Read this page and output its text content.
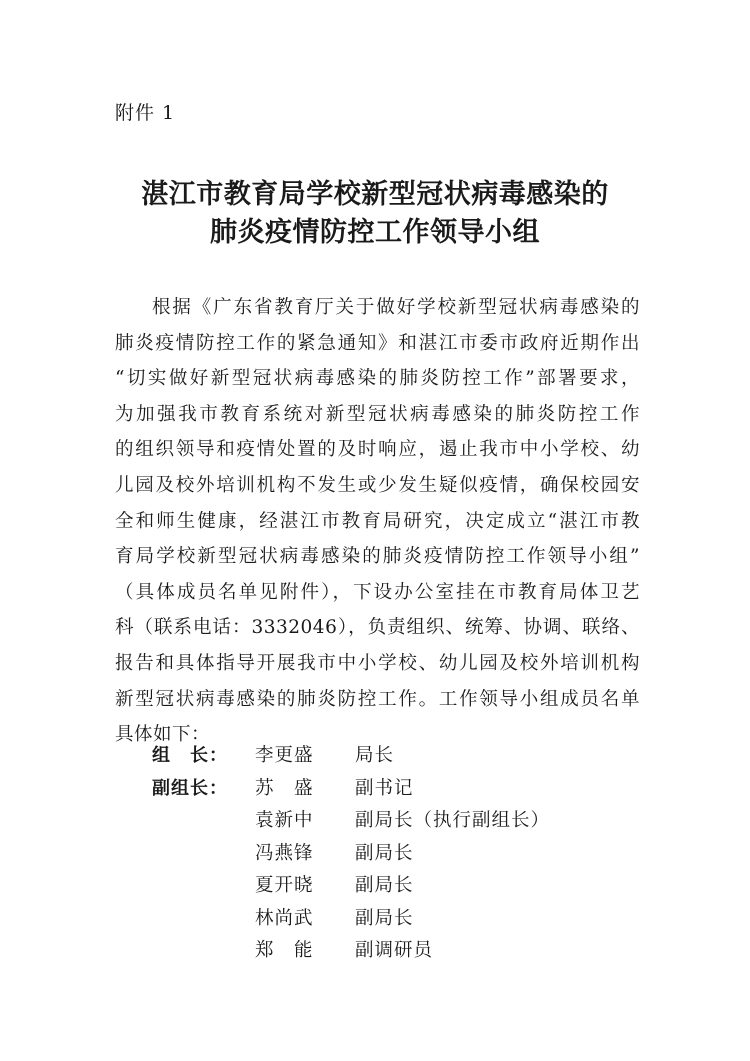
附件 1
湛江市教育局学校新型冠状病毒感染的
肺炎疫情防控工作领导小组
根据《广东省教育厅关于做好学校新型冠状病毒感染的
肺炎疫情防控工作的紧急通知》和湛江市委市政府近期作出
“切实做好新型冠状病毒感染的肺炎防控工作”部署要求，
为加强我市教育系统对新型冠状病毒感染的肺炎防控工作
的组织领导和疫情处置的及时响应，遏止我市中小学校、幼
儿园及校外培训机构不发生或少发生疑似疫情，确保校园安
全和师生健康，经湛江市教育局研究，决定成立“湛江市教
育局学校新型冠状病毒感染的肺炎疫情防控工作领导小组”
（具体成员名单见附件），下设办公室挂在市教育局体卫艺
科（联系电话：3332046），负责组织、统筹、协调、联络、
报告和具体指导开展我市中小学校、幼儿园及校外培训机构
新型冠状病毒感染的肺炎防控工作。工作领导小组成员名单
具体如下：
组　长： 李更盛 局长
副组长： 苏　盛 副书记
袁新中 副局长（执行副组长）
冯燕锋 副局长
夏开晓 副局长
林尚武 副局长
郑　能 副调研员
